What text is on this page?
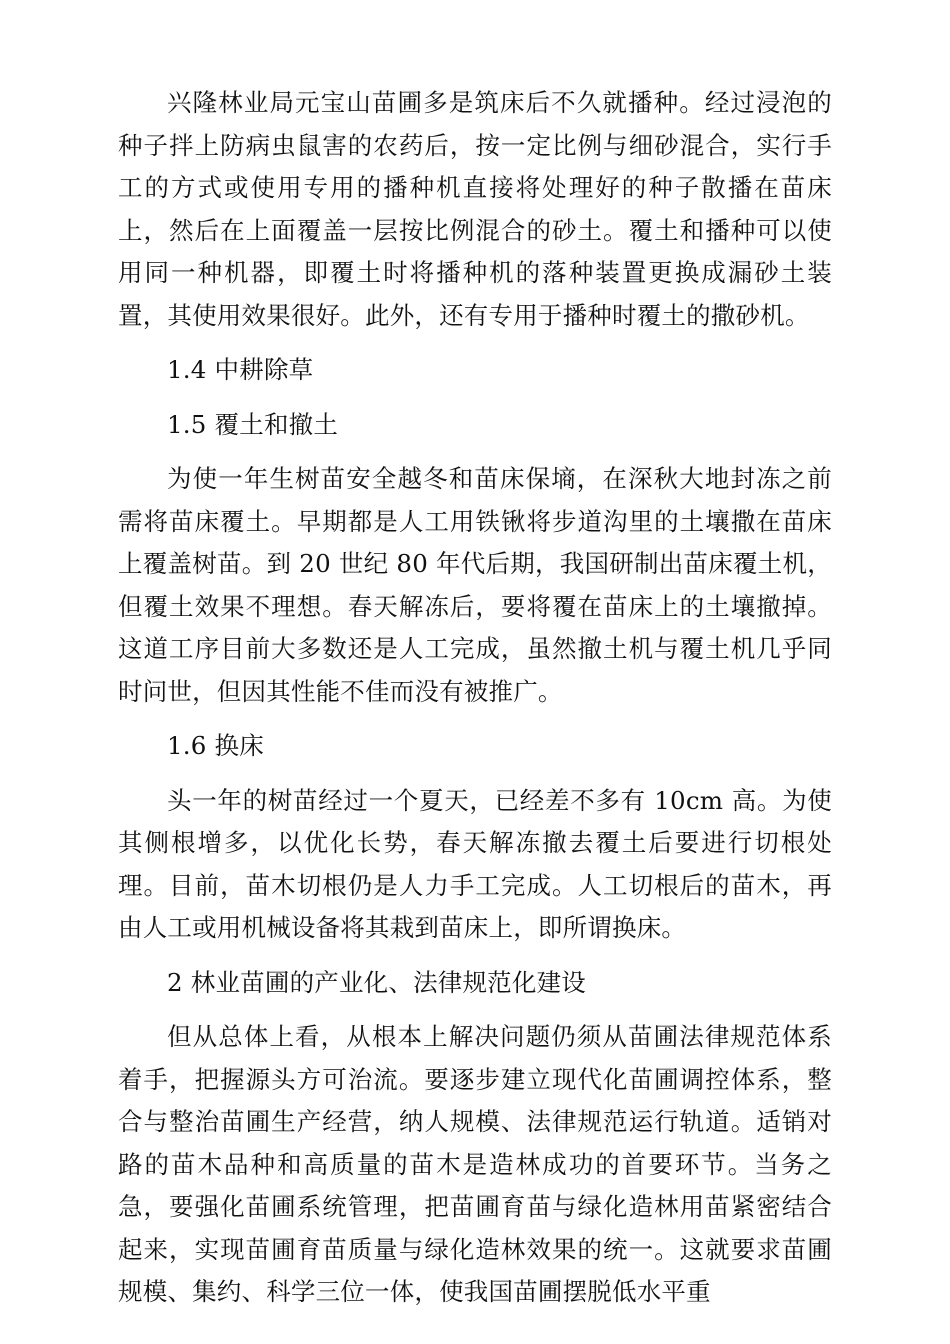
兴隆林业局元宝山苗圃多是筑床后不久就播种。经过浸泡的种子拌上防病虫鼠害的农药后，按一定比例与细砂混合，实行手工的方式或使用专用的播种机直接将处理好的种子散播在苗床上，然后在上面覆盖一层按比例混合的砂土。覆土和播种可以使用同一种机器，即覆土时将播种机的落种装置更换成漏砂土装置，其使用效果很好。此外，还有专用于播种时覆土的撒砂机。

1.4 中耕除草

1.5 覆土和撤土

为使一年生树苗安全越冬和苗床保墒，在深秋大地封冻之前需将苗床覆土。早期都是人工用铁锹将步道沟里的土壤撒在苗床上覆盖树苗。到 20 世纪 80 年代后期，我国研制出苗床覆土机，但覆土效果不理想。春天解冻后，要将覆在苗床上的土壤撤掉。这道工序目前大多数还是人工完成，虽然撤土机与覆土机几乎同时问世，但因其性能不佳而没有被推广。

1.6 换床

头一年的树苗经过一个夏天，已经差不多有 10cm 高。为使其侧根增多，以优化长势，春天解冻撤去覆土后要进行切根处理。目前，苗木切根仍是人力手工完成。人工切根后的苗木，再由人工或用机械设备将其栽到苗床上，即所谓换床。

2 林业苗圃的产业化、法律规范化建设

但从总体上看，从根本上解决问题仍须从苗圃法律规范体系着手，把握源头方可治流。要逐步建立现代化苗圃调控体系，整合与整治苗圃生产经营，纳人规模、法律规范运行轨道。适销对路的苗木品种和高质量的苗木是造林成功的首要环节。当务之急，要强化苗圃系统管理，把苗圃育苗与绿化造林用苗紧密结合起来，实现苗圃育苗质量与绿化造林效果的统一。这就要求苗圃规模、集约、科学三位一体，使我国苗圃摆脱低水平重
